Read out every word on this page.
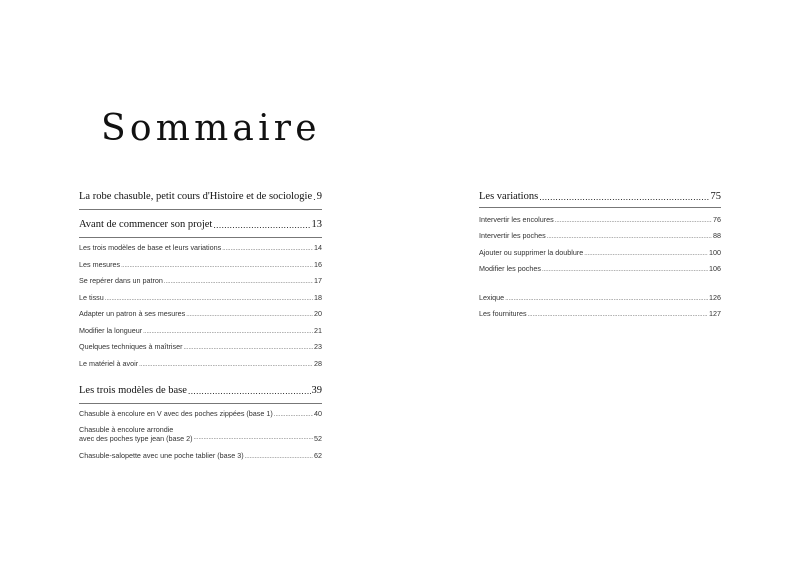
Sommaire
La robe chasuble, petit cours d'Histoire et de sociologie ..... 9
Avant de commencer son projet .....	13
Les trois modèles de base et leurs variations .....	14
Les mesures .....	16
Se repérer dans un patron .....	17
Le tissu .....	18
Adapter un patron à ses mesures .....	20
Modifier la longueur .....	21
Quelques techniques à maîtriser .....	23
Le matériel à avoir .....	28
Les trois modèles de base .....	39
Chasuble à encolure en V avec des poches zippées (base 1) .....	40
Chasuble à encolure arrondie
avec des poches type jean (base 2) .....	52
Chasuble-salopette avec une poche tablier (base 3) .....	62
Les variations .....	75
Intervertir les encolures .....	76
Intervertir les poches .....	88
Ajouter ou supprimer la doublure .....	100
Modifier les poches .....	106
Lexique .....	126
Les fournitures .....	127
